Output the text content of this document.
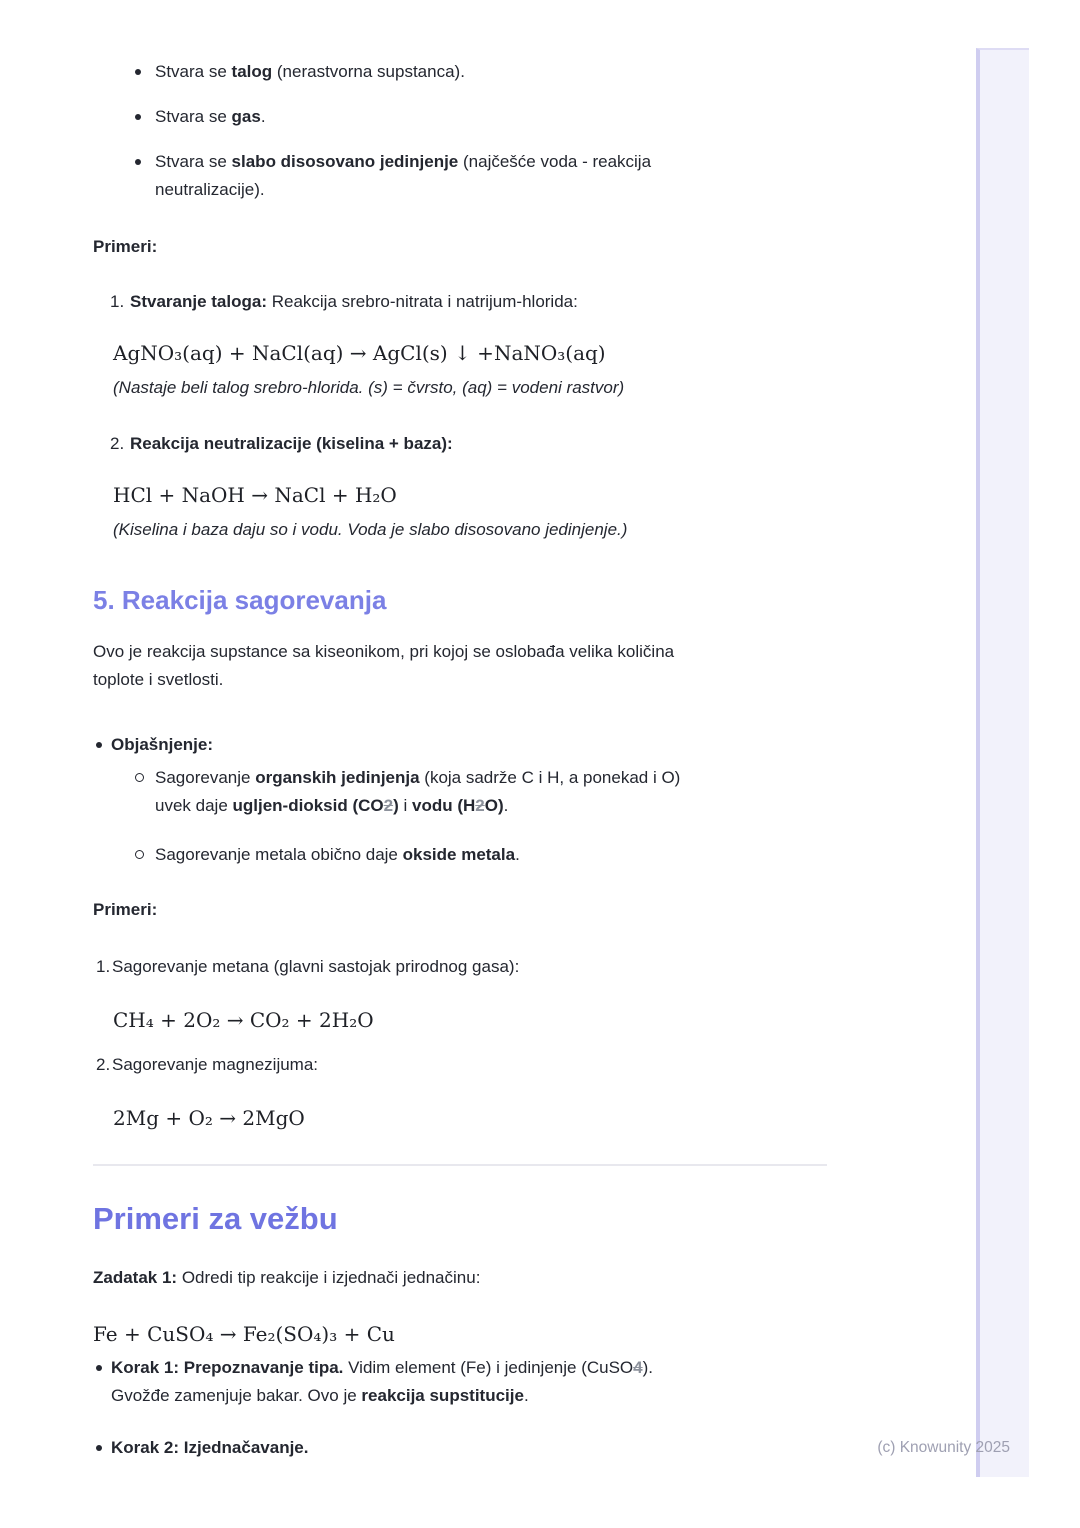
(c) Knowunity 2025
Stvara se talog (nerastvorna supstanca).
Stvara se gas.
Stvara se slabo disosovano jedinjenje (najčešće voda - reakcija
neutralizacije).
Primeri:
1. Stvaranje taloga: Reakcija srebro-nitrata i natrijum-hlorida:
AgNO₃(aq) + NaCl(aq) → AgCl(s) ↓ +NaNO₃(aq)
(Nastaje beli talog srebro-hlorida. (s) = čvrsto, (aq) = vodeni rastvor)
2. Reakcija neutralizacije (kiselina + baza):
HCl + NaOH → NaCl + H₂O
(Kiselina i baza daju so i vodu. Voda je slabo disosovano jedinjenje.)
5. Reakcija sagorevanja
Ovo je reakcija supstance sa kiseonikom, pri kojoj se oslobađa velika količina
toplote i svetlosti.
Objašnjenje:
Sagorevanje organskih jedinjenja (koja sadrže C i H, a ponekad i O)
uvek daje ugljen-dioksid (CO2) i vodu (H2O).
Sagorevanje metala obično daje okside metala.
Primeri:
1. Sagorevanje metana (glavni sastojak prirodnog gasa):
CH₄ + 2O₂ → CO₂ + 2H₂O
2. Sagorevanje magnezijuma:
2Mg + O₂ → 2MgO
Primeri za vežbu
Zadatak 1: Odredi tip reakcije i izjednači jednačinu:
Fe + CuSO₄ → Fe₂(SO₄)₃ + Cu
Korak 1: Prepoznavanje tipa. Vidim element (Fe) i jedinjenje (CuSO4).
Gvožđe zamenjuje bakar. Ovo je reakcija supstitucije.
Korak 2: Izjednačavanje.
